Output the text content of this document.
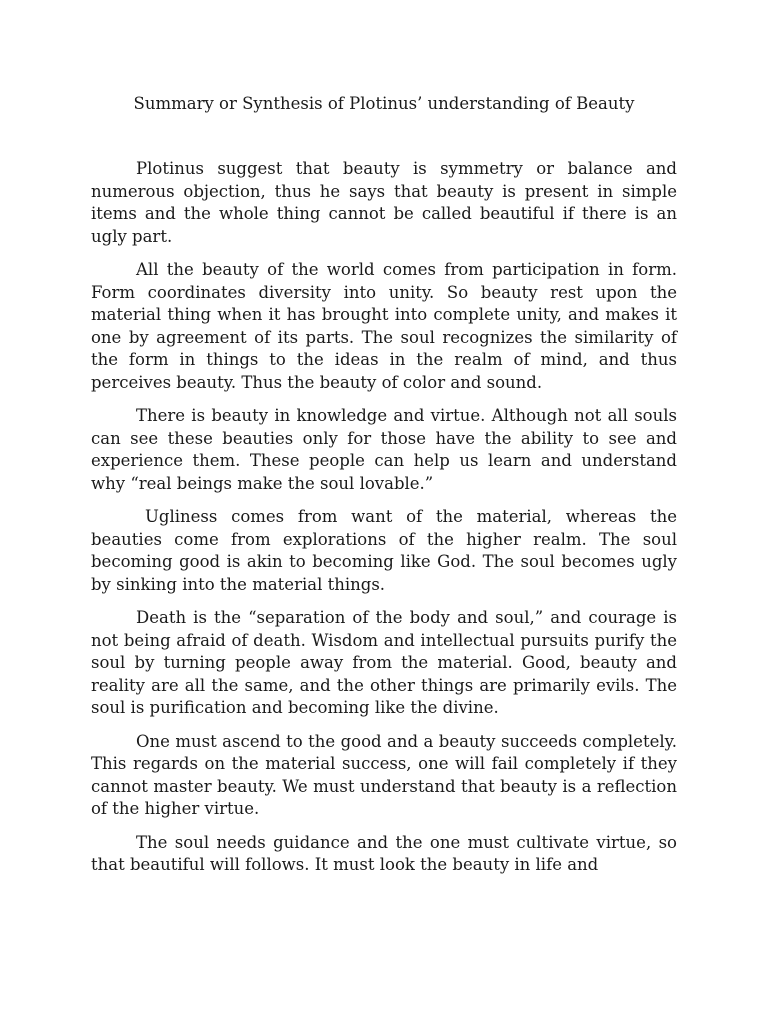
Summary or Synthesis of Plotinus’ understanding of Beauty

Plotinus suggest that beauty is symmetry or balance and numerous objection, thus he says that beauty is present in simple items and the whole thing cannot be called beautiful if there is an ugly part.

All the beauty of the world comes from participation in form. Form coordinates diversity into unity. So beauty rest upon the material thing when it has brought into complete unity, and makes it one by agreement of its parts. The soul recognizes the similarity of the form in things to the ideas in the realm of mind, and thus perceives beauty. Thus the beauty of color and sound.

There is beauty in knowledge and virtue. Although not all souls can see these beauties only for those have the ability to see and experience them. These people can help us learn and understand why “real beings make the soul lovable.”

Ugliness comes from want of the material, whereas the beauties come from explorations of the higher realm. The soul becoming good is akin to becoming like God. The soul becomes ugly by sinking into the material things.

Death is the “separation of the body and soul,” and courage is not being afraid of death. Wisdom and intellectual pursuits purify the soul by turning people away from the material. Good, beauty and reality are all the same, and the other things are primarily evils. The soul is purification and becoming like the divine.

One must ascend to the good and a beauty succeeds completely. This regards on the material success, one will fail completely if they cannot master beauty. We must understand that beauty is a reflection of the higher virtue.

The soul needs guidance and the one must cultivate virtue, so that beautiful will follows. It must look the beauty in life and
